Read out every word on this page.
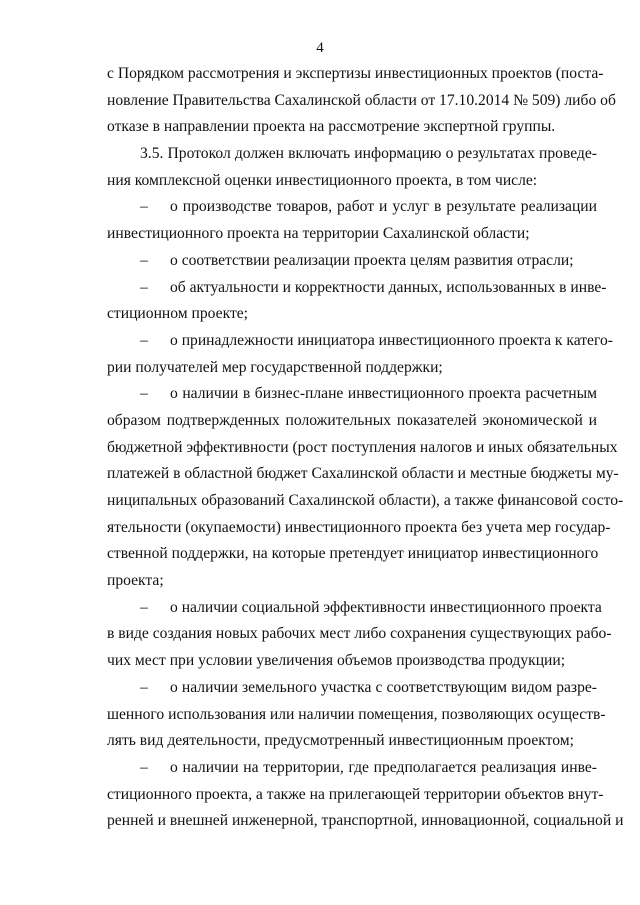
4
с Порядком рассмотрения и экспертизы инвестиционных проектов (поста-
новление Правительства Сахалинской области от 17.10.2014 № 509) либо об
отказе в направлении проекта на рассмотрение экспертной группы.
3.5. Протокол должен включать информацию о результатах проведе-
ния комплексной оценки инвестиционного проекта, в том числе:
– о производстве товаров, работ и услуг в результате реализации
инвестиционного проекта на территории Сахалинской области;
– о соответствии реализации проекта целям развития отрасли;
– об актуальности и корректности данных, использованных в инве-
стиционном проекте;
– о принадлежности инициатора инвестиционного проекта к катего-
рии получателей мер государственной поддержки;
– о наличии в бизнес-плане инвестиционного проекта расчетным
образом подтвержденных положительных показателей экономической и
бюджетной эффективности (рост поступления налогов и иных обязательных
платежей в областной бюджет Сахалинской области и местные бюджеты му-
ниципальных образований Сахалинской области), а также финансовой состо-
ятельности (окупаемости) инвестиционного проекта без учета мер государ-
ственной поддержки, на которые претендует инициатор инвестиционного
проекта;
– о наличии социальной эффективности инвестиционного проекта
в виде создания новых рабочих мест либо сохранения существующих рабо-
чих мест при условии увеличения объемов производства продукции;
– о наличии земельного участка с соответствующим видом разре-
шенного использования или наличии помещения, позволяющих осуществ-
лять вид деятельности, предусмотренный инвестиционным проектом;
– о наличии на территории, где предполагается реализация инве-
стиционного проекта, а также на прилегающей территории объектов внут-
ренней и внешней инженерной, транспортной, инновационной, социальной и
